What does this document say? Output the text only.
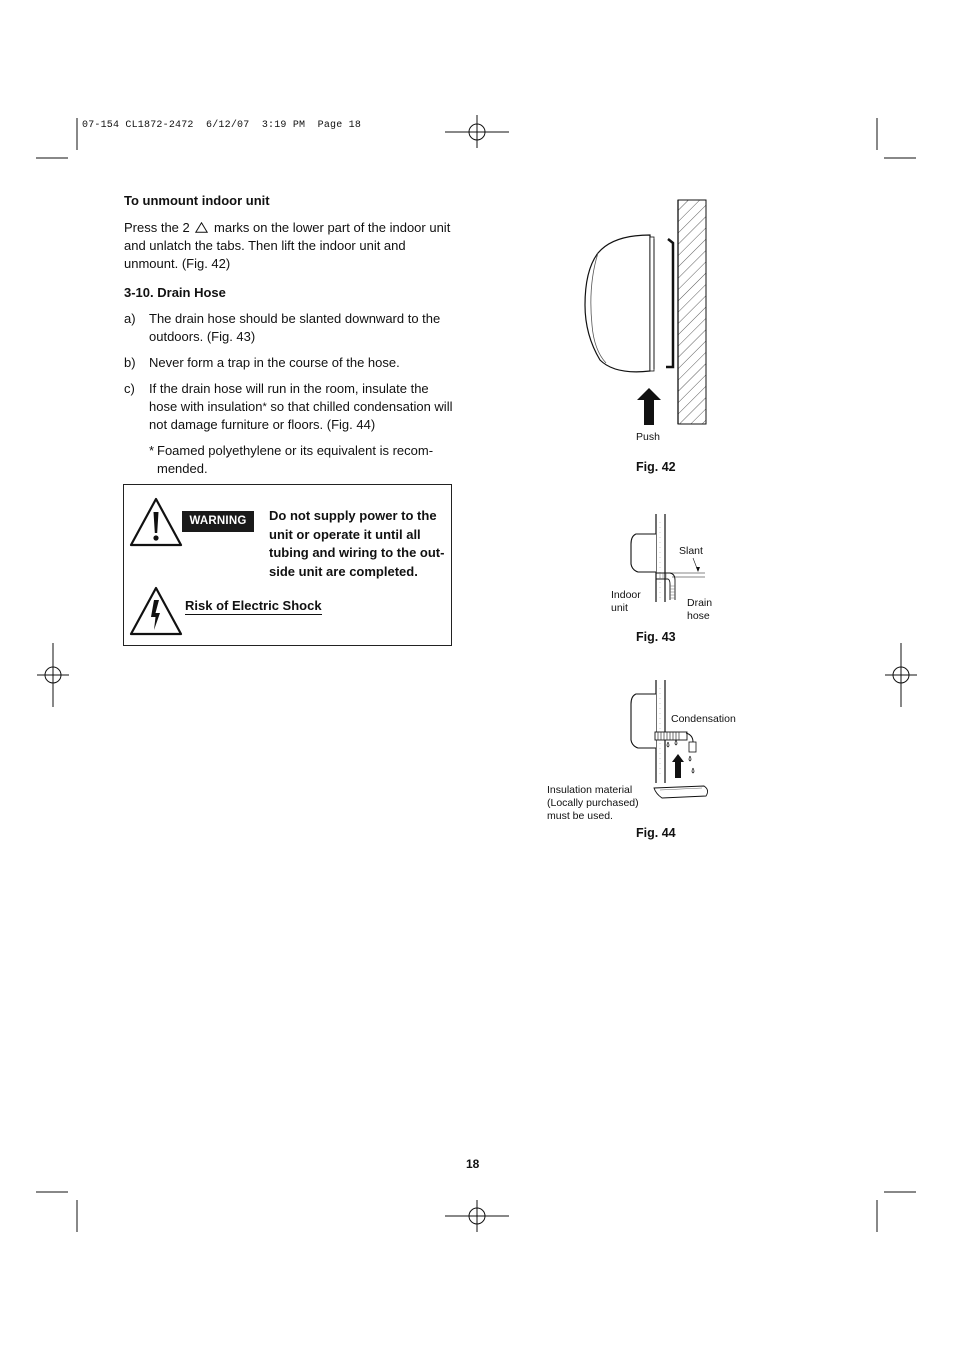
07-154 CL1872-2472  6/12/07  3:19 PM  Page 18

To unmount indoor unit

Press the 2 marks on the lower part of the indoor unit and unlatch the tabs. Then lift the indoor unit and unmount. (Fig. 42)

3-10. Drain Hose

a)	The drain hose should be slanted downward to the outdoors. (Fig. 43)
b)	Never form a trap in the course of the hose.
c)	If the drain hose will run in the room, insulate the hose with insulation* so that chilled condensation will not damage furniture or floors. (Fig. 44)
* Foamed polyethylene or its equivalent is recommended.
WARNING	Do not supply power to the unit or operate it until all tubing and wiring to the outside unit are completed.
Risk of Electric Shock
Push
Fig. 42
Slant
Indoor
unit	Drain
hose
Fig. 43
Condensation
Insulation material
(Locally purchased)
must be used.
Fig. 44
18
